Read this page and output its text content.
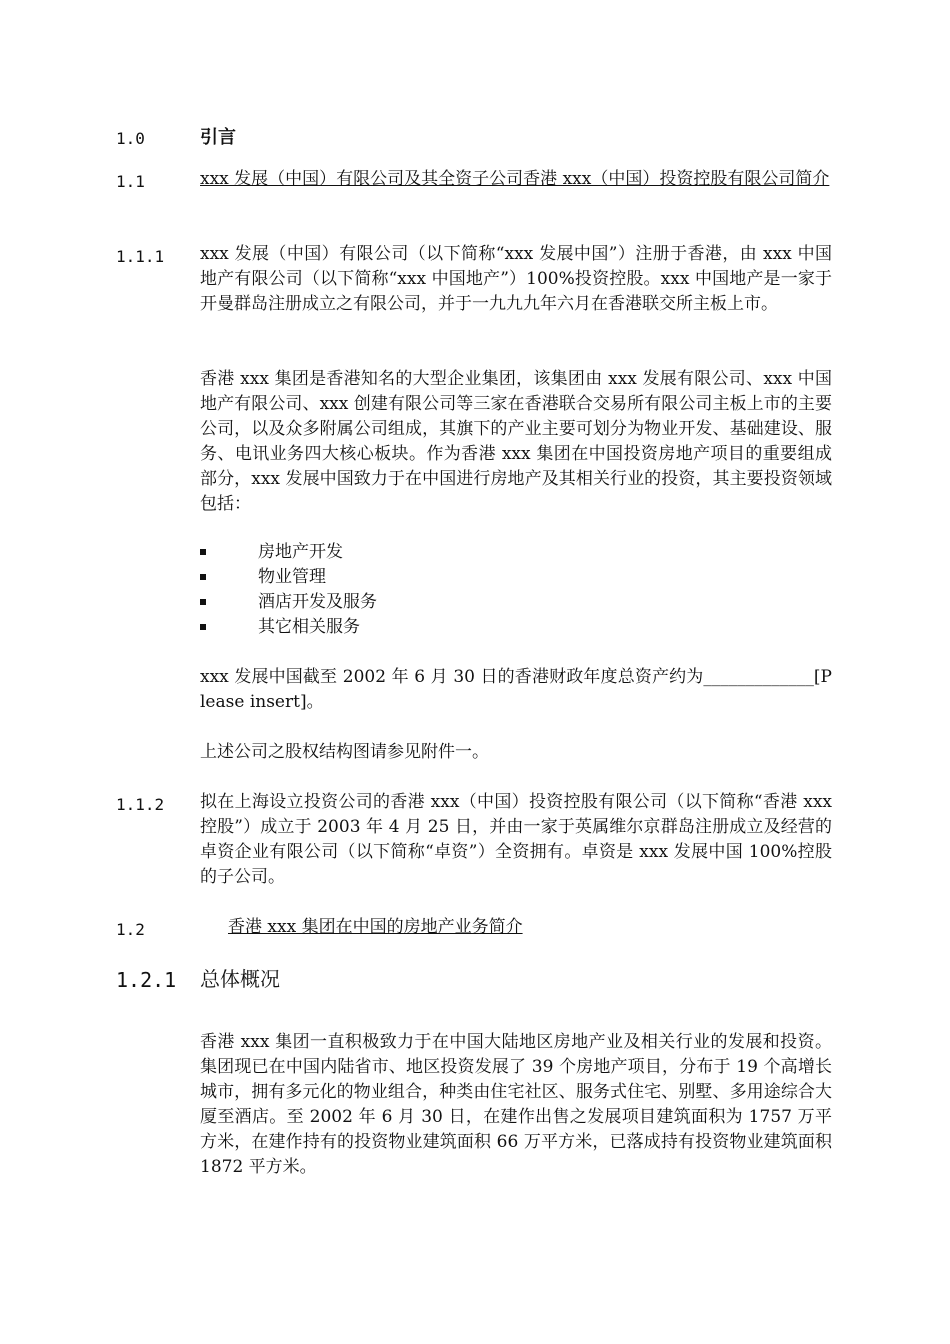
1.0	引言
1.1	xxx 发展（中国）有限公司及其全资子公司香港 xxx（中国）投资控股有限公司简介
1.1.1 xxx 发展（中国）有限公司（以下简称“xxx 发展中国”）注册于香港，由 xxx 中国地产有限公司（以下简称“xxx 中国地产”）100%投资控股。xxx 中国地产是一家于开曼群岛注册成立之有限公司，并于一九九九年六月在香港联交所主板上市。
香港 xxx 集团是香港知名的大型企业集团，该集团由 xxx 发展有限公司、xxx 中国地产有限公司、xxx 创建有限公司等三家在香港联合交易所有限公司主板上市的主要公司，以及众多附属公司组成，其旗下的产业主要可划分为物业开发、基础建设、服务、电讯业务四大核心板块。作为香港 xxx 集团在中国投资房地产项目的重要组成部分，xxx 发展中国致力于在中国进行房地产及其相关行业的投资，其主要投资领域包括：
房地产开发
物业管理
酒店开发及服务
其它相关服务
xxx 发展中国截至 2002 年 6 月 30 日的香港财政年度总资产约为_____________[Please insert]。
上述公司之股权结构图请参见附件一。
1.1.2 拟在上海设立投资公司的香港 xxx（中国）投资控股有限公司（以下简称“香港 xxx 控股”）成立于 2003 年 4 月 25 日，并由一家于英属维尔京群岛注册成立及经营的卓资企业有限公司（以下简称“卓资”）全资拥有。卓资是 xxx 发展中国 100%控股的子公司。
1.2	香港 xxx 集团在中国的房地产业务简介
1.2.1 总体概况
香港 xxx 集团一直积极致力于在中国大陆地区房地产业及相关行业的发展和投资。集团现已在中国内陆省市、地区投资发展了 39 个房地产项目，分布于 19 个高增长城市，拥有多元化的物业组合，种类由住宅社区、服务式住宅、别墅、多用途综合大厦至酒店。至 2002 年 6 月 30 日，在建作出售之发展项目建筑面积为 1757 万平方米，在建作持有的投资物业建筑面积 66 万平方米，已落成持有投资物业建筑面积 1872 平方米。
